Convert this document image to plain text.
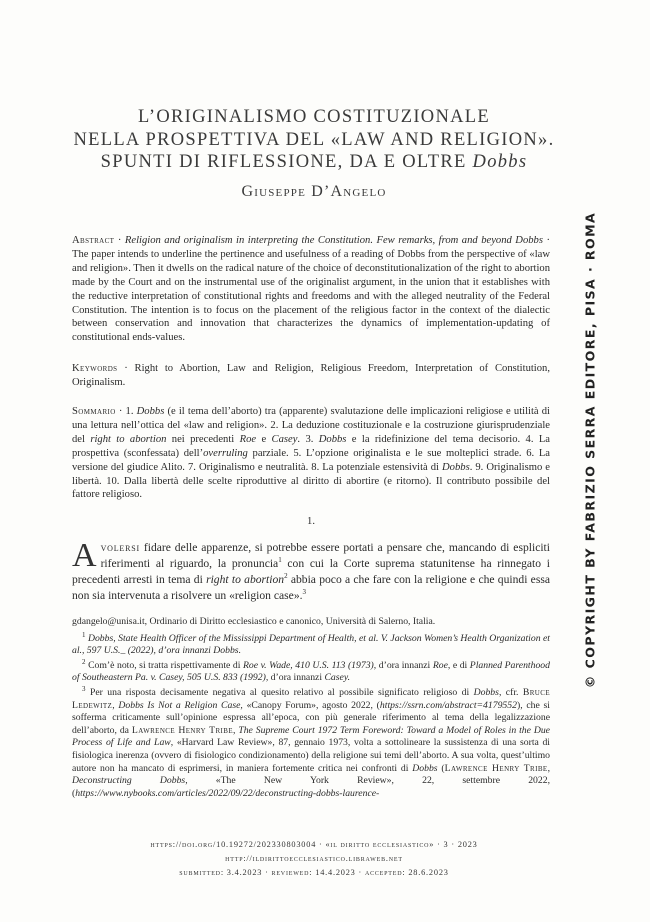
L’ORIGINALISMO COSTITUZIONALE
NELLA PROSPETTIVA DEL «LAW AND RELIGION».
SPUNTI DI RIFLESSIONE, DA E OLTRE Dobbs
Giuseppe D’Angelo
Abstract · Religion and originalism in interpreting the Constitution. Few remarks, from and beyond Dobbs · The paper intends to underline the pertinence and usefulness of a reading of Dobbs from the perspective of «law and religion». Then it dwells on the radical nature of the choice of deconstitutionalization of the right to abortion made by the Court and on the instrumental use of the originalist argument, in the union that it establishes with the reductive interpretation of constitutional rights and freedoms and with the alleged neutrality of the Federal Constitution. The intention is to focus on the placement of the religious factor in the context of the dialectic between conservation and innovation that characterizes the dynamics of implementation-updating of constitutional ends-values.
Keywords · Right to Abortion, Law and Religion, Religious Freedom, Interpretation of Constitution, Originalism.
Sommario · 1. Dobbs (e il tema dell’aborto) tra (apparente) svalutazione delle implicazioni religiose e utilità di una lettura nell’ottica del «law and religion». 2. La deduzione costituzionale e la costruzione giurisprudenziale del right to abortion nei precedenti Roe e Casey. 3. Dobbs e la ridefinizione del tema decisorio. 4. La prospettiva (sconfessata) dell’overruling parziale. 5. L’opzione originalista e le sue molteplici strade. 6. La versione del giudice Alito. 7. Originalismo e neutralità. 8. La potenziale estensività di Dobbs. 9. Originalismo e libertà. 10. Dalla libertà delle scelte riproduttive al diritto di abortire (e ritorno). Il contributo possibile del fattore religioso.
1.
Avolersi fidare delle apparenze, si potrebbe essere portati a pensare che, mancando di espliciti riferimenti al riguardo, la pronuncia$^1$ con cui la Corte suprema statunitense ha rinnegato i precedenti arresti in tema di right to abortion$^2$ abbia poco a che fare con la religione e che quindi essa non sia intervenuta a risolvere un «religion case».$^3$
gdangelo@unisa.it, Ordinario di Diritto ecclesiastico e canonico, Università di Salerno, Italia.
$^1$ Dobbs, State Health Officer of the Mississippi Department of Health, et al. V. Jackson Women’s Health Organization et al., 597 U.S._ (2022), d’ora innanzi Dobbs.
$^2$ Com’è noto, si tratta rispettivamente di Roe v. Wade, 410 U.S. 113 (1973), d’ora innanzi Roe, e di Planned Parenthood of Southeastern Pa. v. Casey, 505 U.S. 833 (1992), d’ora innanzi Casey.
$^3$ Per una risposta decisamente negativa al quesito relativo al possibile significato religioso di Dobbs, cfr. Bruce Ledewitz, Dobbs Is Not a Religion Case, «Canopy Forum», agosto 2022, (https://ssrn.com/abstract=4179552), che si sofferma criticamente sull’opinione espressa all’epoca, con più generale riferimento al tema della legalizzazione dell’aborto, da Lawrence Henry Tribe, The Supreme Court 1972 Term Foreword: Toward a Model of Roles in the Due Process of Life and Law, «Harvard Law Review», 87, gennaio 1973, volta a sottolineare la sussistenza di una sorta di fisiologica inerenza (ovvero di fisiologico condizionamento) della religione sui temi dell’aborto. A sua volta, quest’ultimo autore non ha mancato di esprimersi, in maniera fortemente critica nei confronti di Dobbs (Lawrence Henry Tribe, Deconstructing Dobbs, «The New York Review», 22, settembre 2022, (https://www.nybooks.com/articles/2022/09/22/deconstructing-dobbs-laurence-
https://doi.org/10.19272/202330803004 · «il diritto ecclesiastico» · 3 · 2023
http://ildirittoecclesiastico.libraweb.net
submitted: 3.4.2023 · reviewed: 14.4.2023 · accepted: 28.6.2023
© COPYRIGHT BY FABRIZIO SERRA EDITORE, PISA · ROMA
